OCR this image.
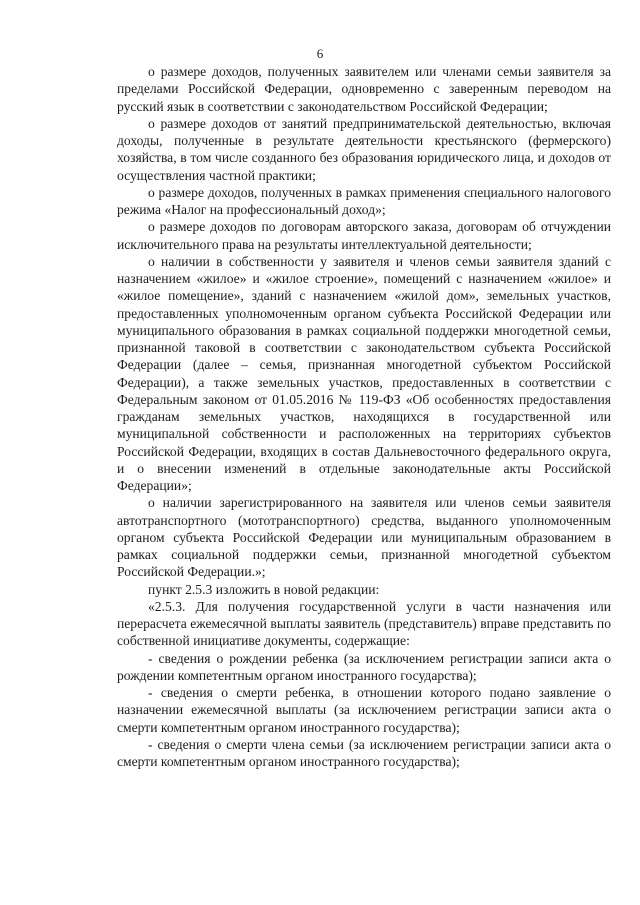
6

о размере доходов, полученных заявителем или членами семьи заявителя за пределами Российской Федерации, одновременно с заверенным переводом на русский язык в соответствии с законодательством Российской Федерации;

о размере доходов от занятий предпринимательской деятельностью, включая доходы, полученные в результате деятельности крестьянского (фермерского) хозяйства, в том числе созданного без образования юридического лица, и доходов от осуществления частной практики;

о размере доходов, полученных в рамках применения специального налогового режима «Налог на профессиональный доход»;

о размере доходов по договорам авторского заказа, договорам об отчуждении исключительного права на результаты интеллектуальной деятельности;

о наличии в собственности у заявителя и членов семьи заявителя зданий с назначением «жилое» и «жилое строение», помещений с назначением «жилое» и «жилое помещение», зданий с назначением «жилой дом», земельных участков, предоставленных уполномоченным органом субъекта Российской Федерации или муниципального образования в рамках социальной поддержки многодетной семьи, признанной таковой в соответствии с законодательством субъекта Российской Федерации (далее – семья, признанная многодетной субъектом Российской Федерации), а также земельных участков, предоставленных в соответствии с Федеральным законом от 01.05.2016 № 119-ФЗ «Об особенностях предоставления гражданам земельных участков, находящихся в государственной или муниципальной собственности и расположенных на территориях субъектов Российской Федерации, входящих в состав Дальневосточного федерального округа, и о внесении изменений в отдельные законодательные акты Российской Федерации»;

о наличии зарегистрированного на заявителя или членов семьи заявителя автотранспортного (мототранспортного) средства, выданного уполномоченным органом субъекта Российской Федерации или муниципальным образованием в рамках социальной поддержки семьи, признанной многодетной субъектом Российской Федерации.»;

пункт 2.5.3 изложить в новой редакции:

«2.5.3. Для получения государственной услуги в части назначения или перерасчета ежемесячной выплаты заявитель (представитель) вправе представить по собственной инициативе документы, содержащие:

- сведения о рождении ребенка (за исключением регистрации записи акта о рождении компетентным органом иностранного государства);

- сведения о смерти ребенка, в отношении которого подано заявление о назначении ежемесячной выплаты (за исключением регистрации записи акта о смерти компетентным органом иностранного государства);

- сведения о смерти члена семьи (за исключением регистрации записи акта о смерти компетентным органом иностранного государства);
